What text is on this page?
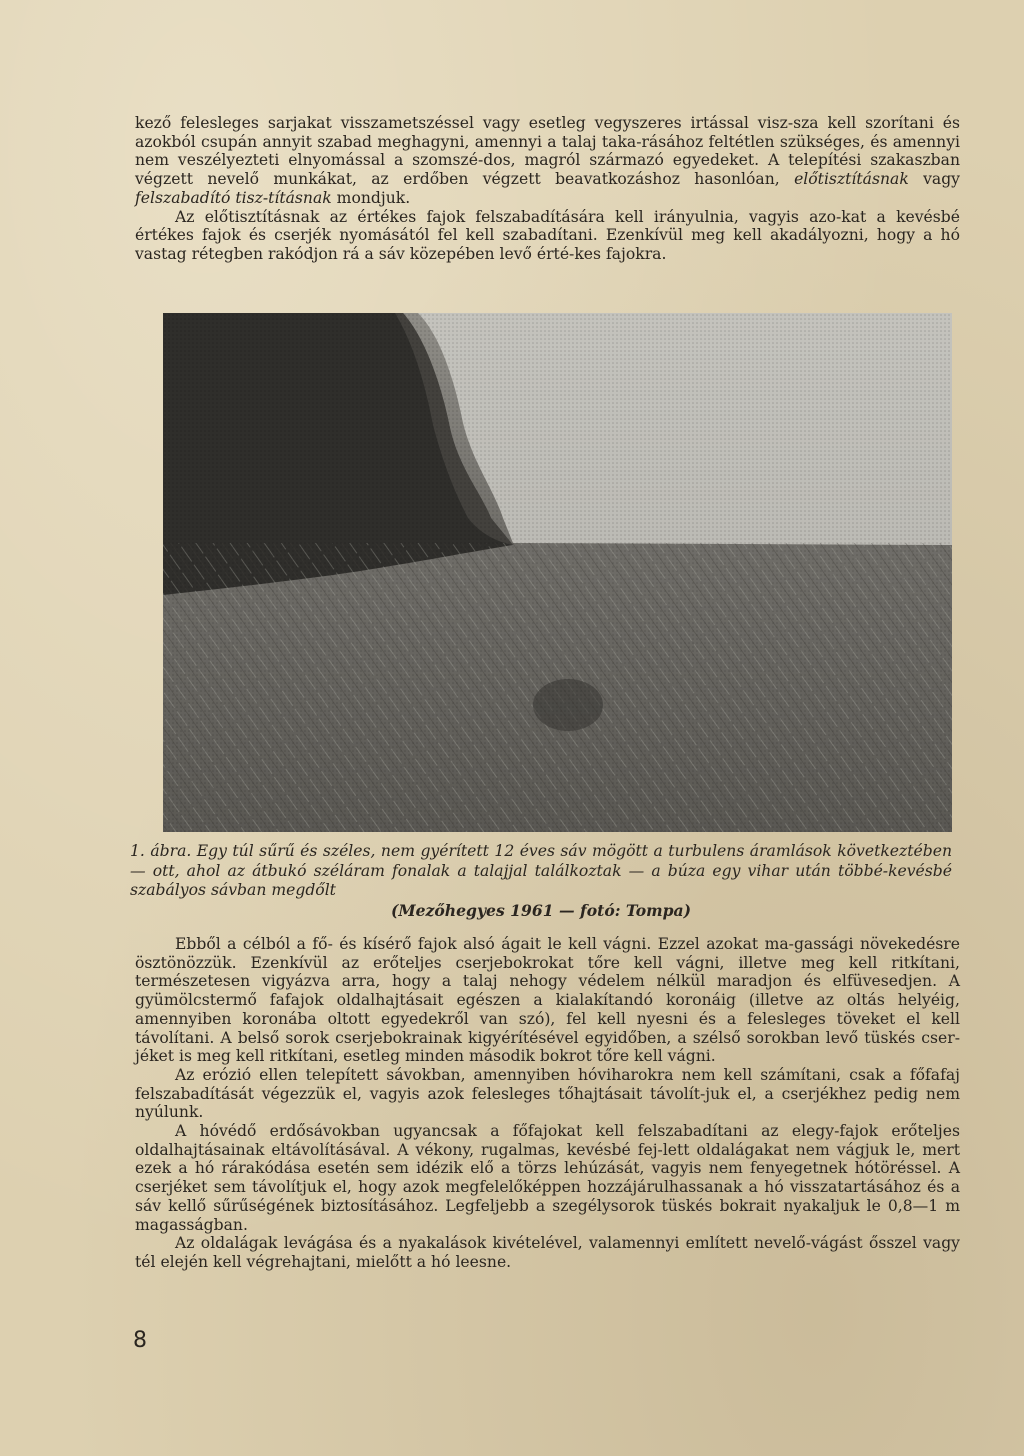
kező felesleges sarjakat visszametszéssel vagy esetleg vegyszeres irtással visz-sza kell szorítani és azokból csupán annyit szabad meghagyni, amennyi a talaj taka-rásához feltétlen szükséges, és amennyi nem veszélyezteti elnyomással a szomszé-dos, magról származó egyedeket. A telepítési szakaszban végzett nevelő munkákat, az erdőben végzett beavatkozáshoz hasonlóan, előtisztításnak vagy felszabadító tisz-tításnak mondjuk.

Az előtisztításnak az értékes fajok felszabadítására kell irányulnia, vagyis azo-kat a kevésbé értékes fajok és cserjék nyomásától fel kell szabadítani. Ezenkívül meg kell akadályozni, hogy a hó vastag rétegben rakódjon rá a sáv közepében levő érté-kes fajokra.

1. ábra. Egy túl sűrű és széles, nem gyérített 12 éves sáv mögött a turbulens áramlások következtében — ott, ahol az átbukó széláram fonalak a talajjal találkoztak — a búza egy vihar után többé-kevésbé szabályos sávban megdőlt

(Mezőhegyes 1961 — fotó: Tompa)

Ebből a célból a fő- és kísérő fajok alsó ágait le kell vágni. Ezzel azokat ma-gassági növekedésre ösztönözzük. Ezenkívül az erőteljes cserjebokrokat tőre kell vágni, illetve meg kell ritkítani, természetesen vigyázva arra, hogy a talaj nehogy védelem nélkül maradjon és elfüvesedjen. A gyümölcstermő fafajok oldalhajtásait egészen a kialakítandó koronáig (illetve az oltás helyéig, amennyiben koronába oltott egyedekről van szó), fel kell nyesni és a felesleges töveket el kell távolítani. A belső sorok cserjebokrainak kigyérítésével egyidőben, a szélső sorokban levő tüskés cser-jéket is meg kell ritkítani, esetleg minden második bokrot tőre kell vágni.

Az erózió ellen telepített sávokban, amennyiben hóviharokra nem kell számítani, csak a főfafaj felszabadítását végezzük el, vagyis azok felesleges tőhajtásait távolít-juk el, a cserjékhez pedig nem nyúlunk.

A hóvédő erdősávokban ugyancsak a főfajokat kell felszabadítani az elegy-fajok erőteljes oldalhajtásainak eltávolításával. A vékony, rugalmas, kevésbé fej-lett oldalágakat nem vágjuk le, mert ezek a hó rárakódása esetén sem idézik elő a törzs lehúzását, vagyis nem fenyegetnek hótöréssel. A cserjéket sem távolítjuk el, hogy azok megfelelőképpen hozzájárulhassanak a hó visszatartásához és a sáv kellő sűrűségének biztosításához. Legfeljebb a szegélysorok tüskés bokrait nyakaljuk le 0,8—1 m magasságban.

Az oldalágak levágása és a nyakalások kivételével, valamennyi említett nevelő-vágást ősszel vagy tél elején kell végrehajtani, mielőtt a hó leesne.

8
